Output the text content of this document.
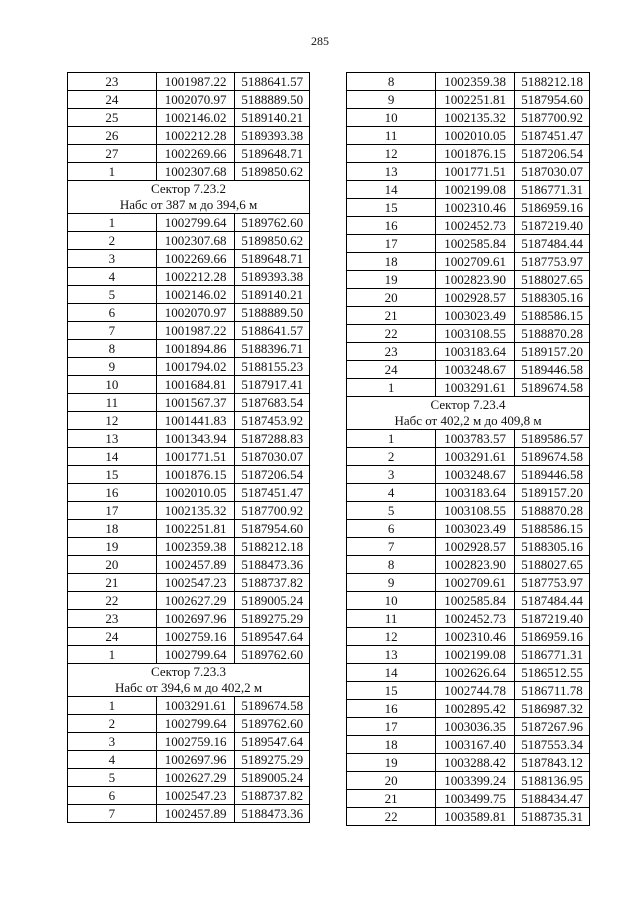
285
23	1001987.22	5188641.57
24	1002070.97	5188889.50
25	1002146.02	5189140.21
26	1002212.28	5189393.38
27	1002269.66	5189648.71
1	1002307.68	5189850.62
Сектор 7.23.2		
Набс от 387 м до 394,6 м		
1	1002799.64	5189762.60
2	1002307.68	5189850.62
3	1002269.66	5189648.71
4	1002212.28	5189393.38
5	1002146.02	5189140.21
6	1002070.97	5188889.50
7	1001987.22	5188641.57
8	1001894.86	5188396.71
9	1001794.02	5188155.23
10	1001684.81	5187917.41
11	1001567.37	5187683.54
12	1001441.83	5187453.92
13	1001343.94	5187288.83
14	1001771.51	5187030.07
15	1001876.15	5187206.54
16	1002010.05	5187451.47
17	1002135.32	5187700.92
18	1002251.81	5187954.60
19	1002359.38	5188212.18
20	1002457.89	5188473.36
21	1002547.23	5188737.82
22	1002627.29	5189005.24
23	1002697.96	5189275.29
24	1002759.16	5189547.64
1	1002799.64	5189762.60
Сектор 7.23.3		
Набс от 394,6 м до 402,2 м		
1	1003291.61	5189674.58
2	1002799.64	5189762.60
3	1002759.16	5189547.64
4	1002697.96	5189275.29
5	1002627.29	5189005.24
6	1002547.23	5188737.82
7	1002457.89	5188473.36
8	1002359.38	5188212.18
9	1002251.81	5187954.60
10	1002135.32	5187700.92
11	1002010.05	5187451.47
12	1001876.15	5187206.54
13	1001771.51	5187030.07
14	1002199.08	5186771.31
15	1002310.46	5186959.16
16	1002452.73	5187219.40
17	1002585.84	5187484.44
18	1002709.61	5187753.97
19	1002823.90	5188027.65
20	1002928.57	5188305.16
21	1003023.49	5188586.15
22	1003108.55	5188870.28
23	1003183.64	5189157.20
24	1003248.67	5189446.58
1	1003291.61	5189674.58
Сектор 7.23.4		
Набс от 402,2 м до 409,8 м		
1	1003783.57	5189586.57
2	1003291.61	5189674.58
3	1003248.67	5189446.58
4	1003183.64	5189157.20
5	1003108.55	5188870.28
6	1003023.49	5188586.15
7	1002928.57	5188305.16
8	1002823.90	5188027.65
9	1002709.61	5187753.97
10	1002585.84	5187484.44
11	1002452.73	5187219.40
12	1002310.46	5186959.16
13	1002199.08	5186771.31
14	1002626.64	5186512.55
15	1002744.78	5186711.78
16	1002895.42	5186987.32
17	1003036.35	5187267.96
18	1003167.40	5187553.34
19	1003288.42	5187843.12
20	1003399.24	5188136.95
21	1003499.75	5188434.47
22	1003589.81	5188735.31
